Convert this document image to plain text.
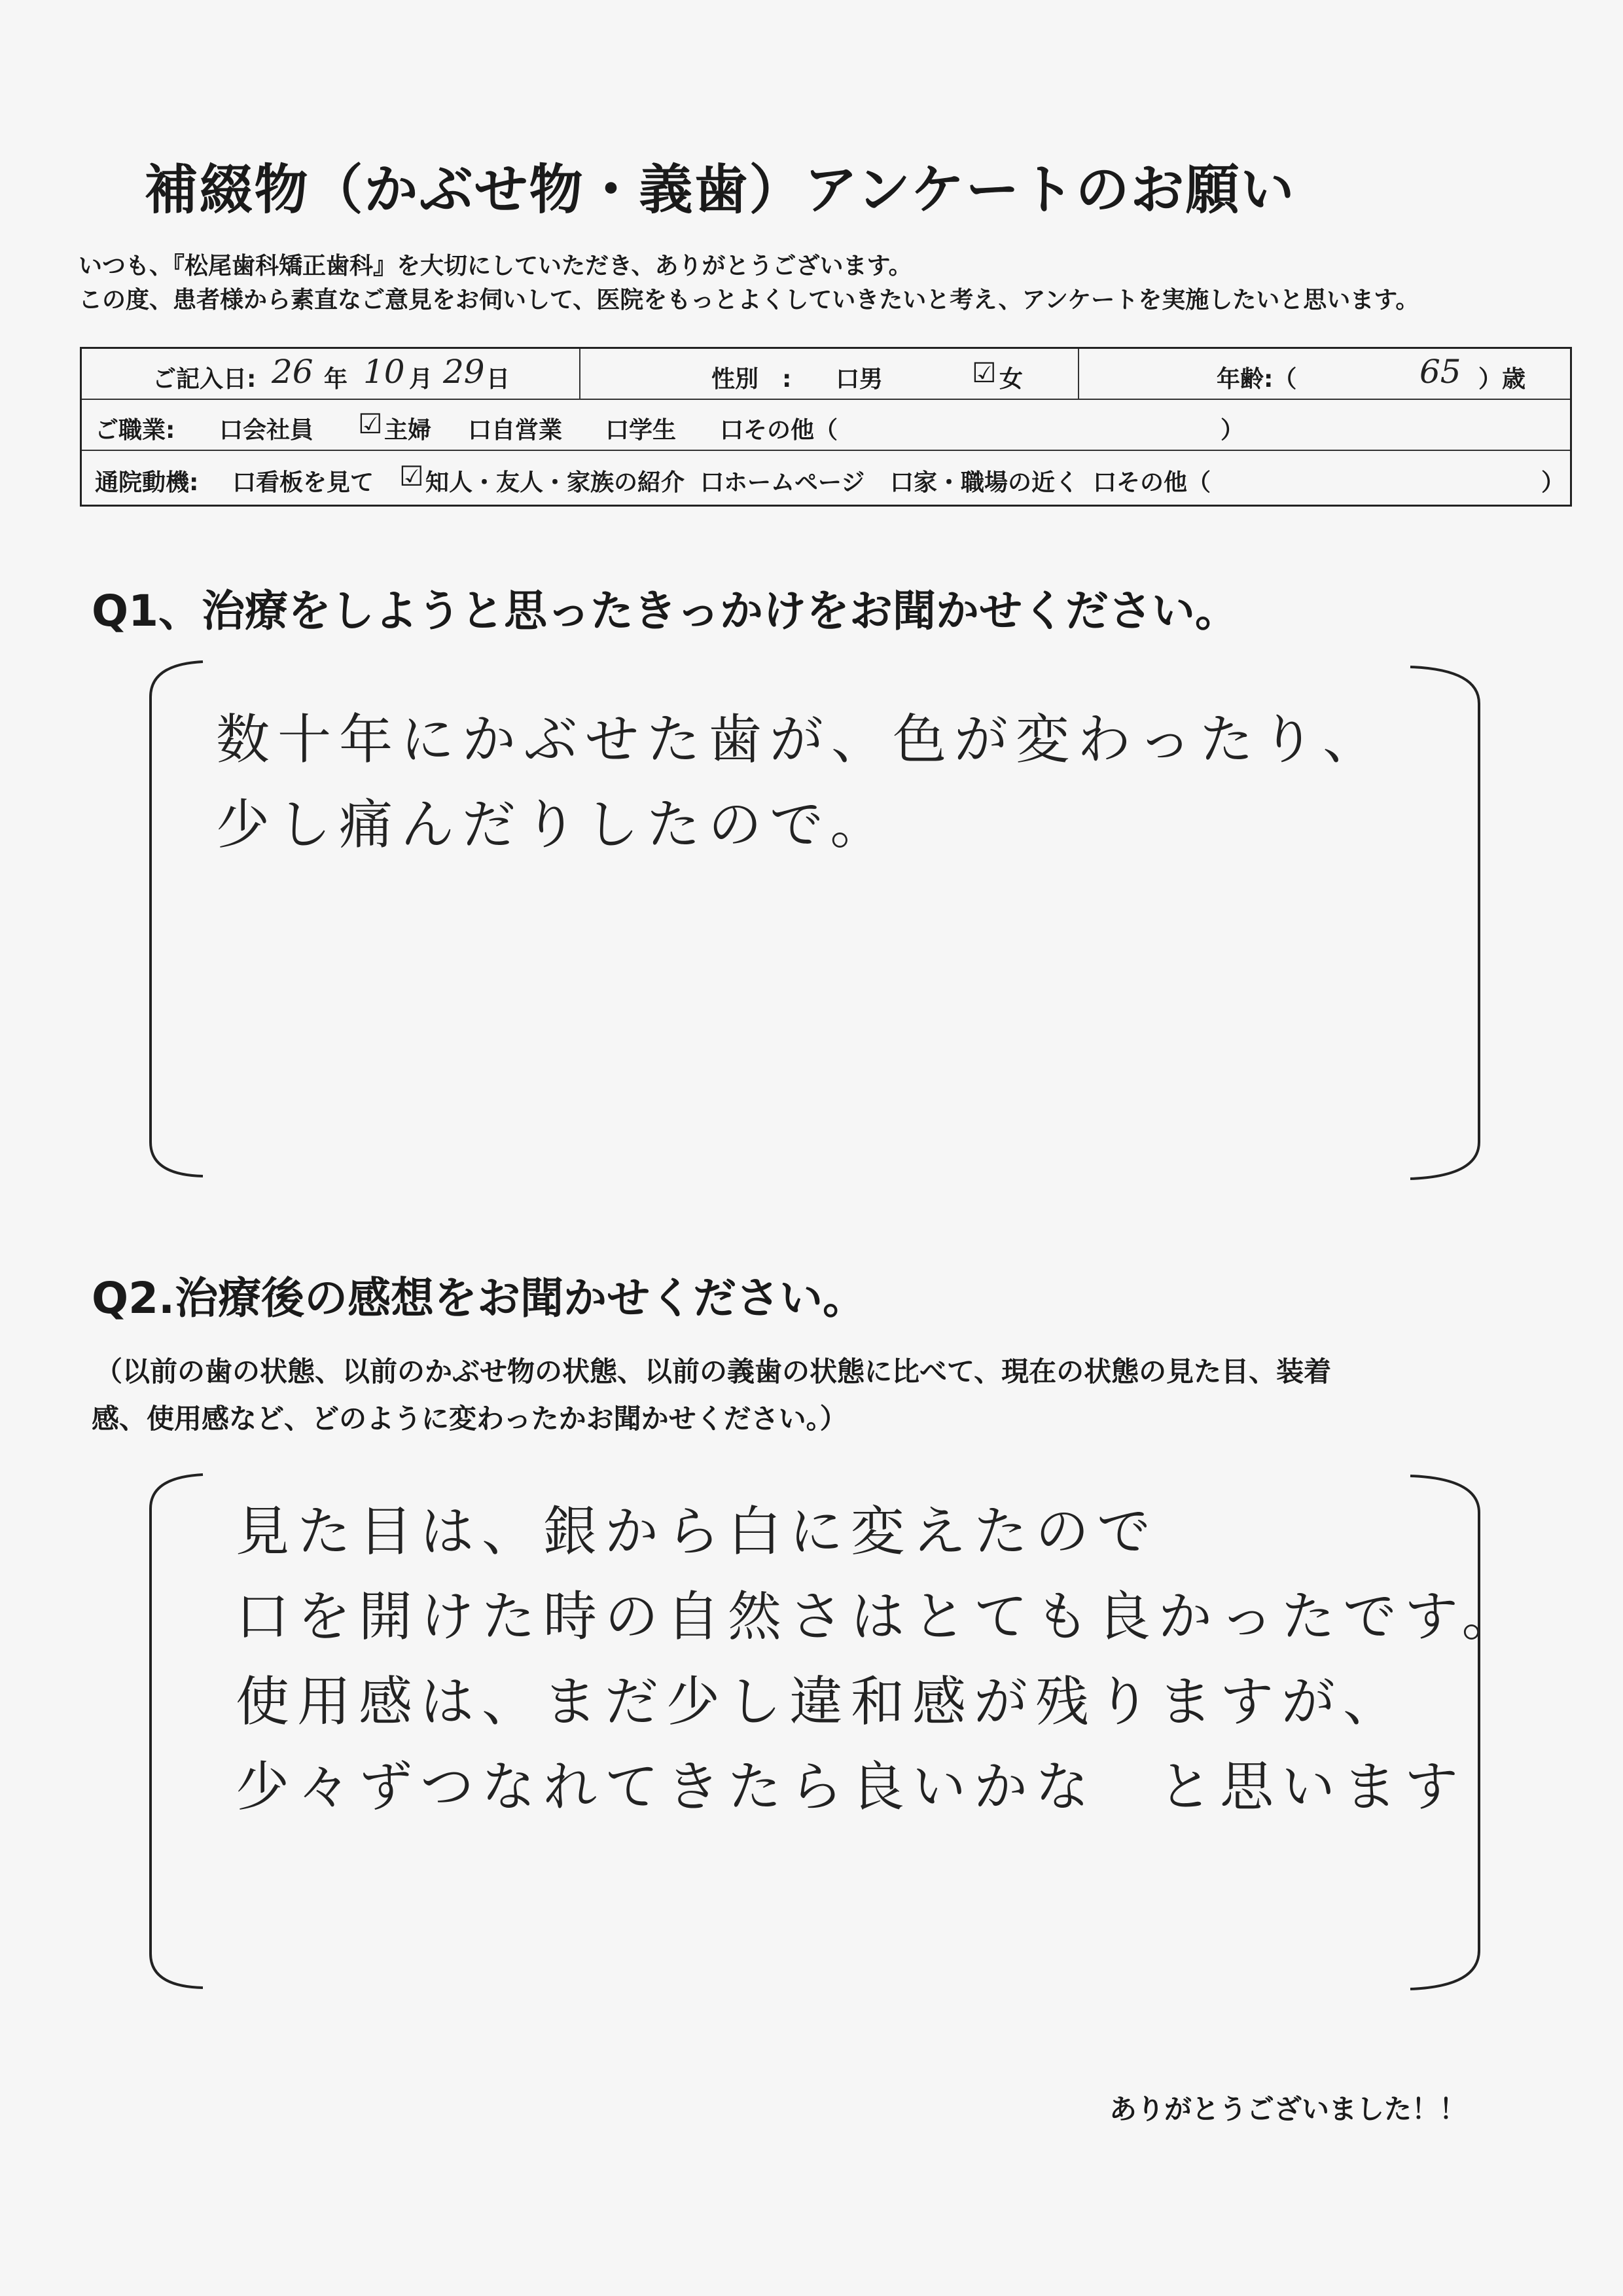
補綴物（かぶせ物・義歯）アンケートのお願い
いつも、『松尾歯科矯正歯科』を大切にしていただき、ありがとうございます。
この度、患者様から素直なご意見をお伺いして、医院をもっとよくしていきたいと考え、アンケートを実施したいと思います。
ご記入日: 26 年 10 月 29 日	性別　: 口男	☑ 女	年齢:（	65 ）歳
ご職業: 口会社員 ☑ 主婦 口自営業 口学生 口その他（	）
通院動機: 口看板を見て ☑ 知人・友人・家族の紹介 口ホームページ 口家・職場の近く 口その他（	）
Q1、治療をしようと思ったきっかけをお聞かせください。
数十年にかぶせた歯が、色が変わったり、
少し痛んだりしたので。
Q2.治療後の感想をお聞かせください。
（以前の歯の状態、以前のかぶせ物の状態、以前の義歯の状態に比べて、現在の状態の見た目、装着
感、使用感など、どのように変わったかお聞かせください。）
見た目は、銀から白に変えたので
口を開けた時の自然さはとても良かったです。
使用感は、まだ少し違和感が残りますが、
少々ずつなれてきたら良いかな　と思います
ありがとうございました！！
